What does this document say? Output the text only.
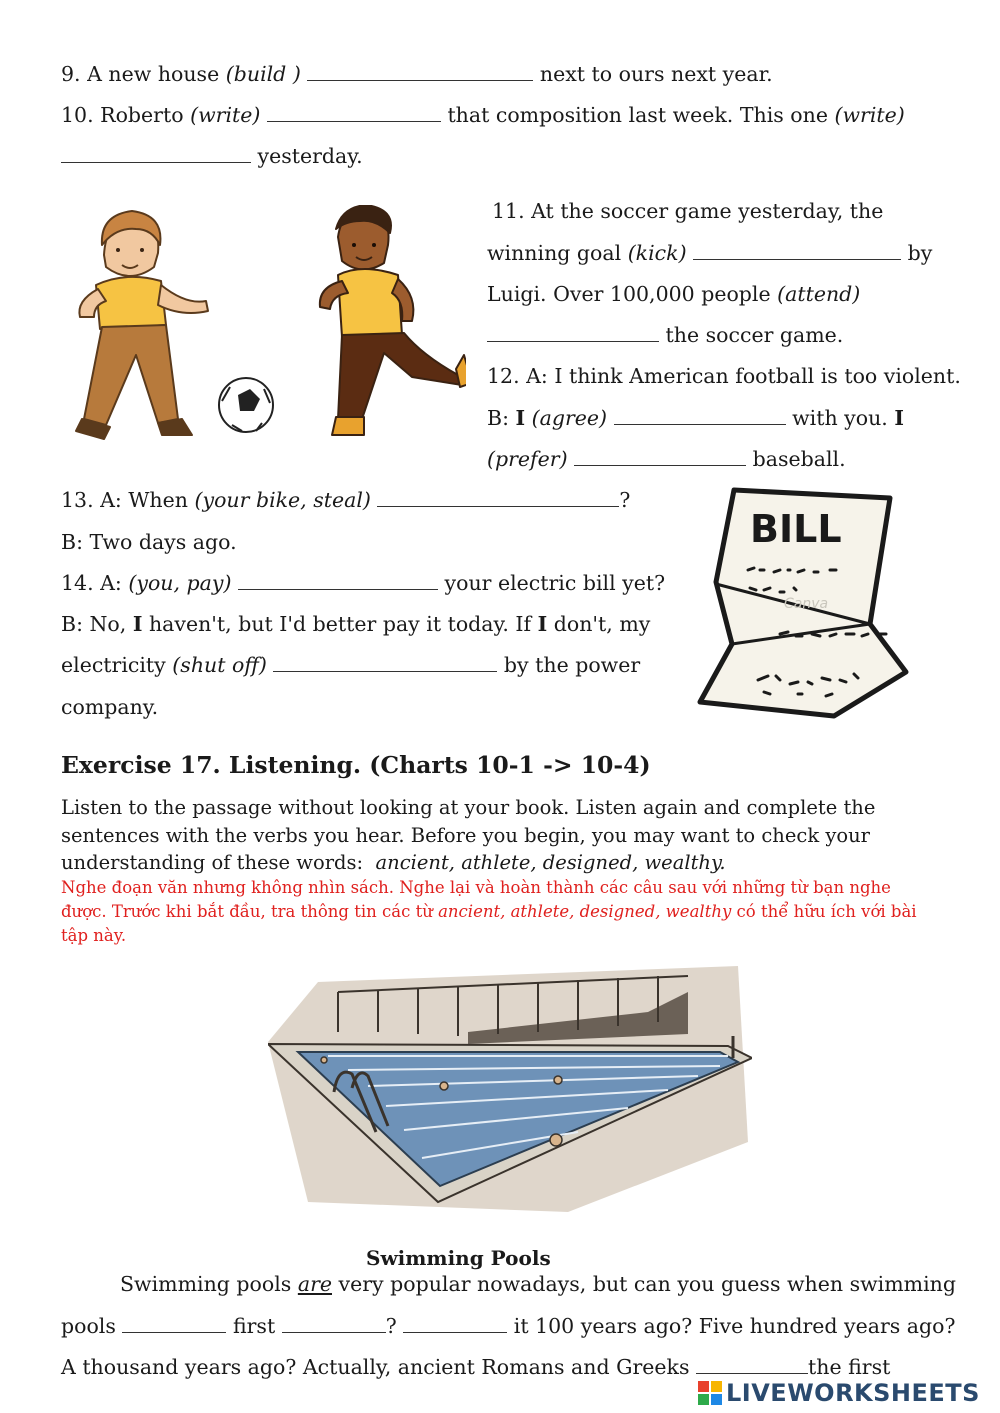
9. A new house (build )	next to ours next year.
10. Roberto (write)	that composition last week. This one (write)
yesterday.
11. At the soccer game yesterday, the
winning goal (kick)	by
Luigi. Over 100,000 people (attend)
the soccer game.
12. A: I think American football is too violent.
B: I (agree)	with you. I
(prefer)	baseball.
13. A: When (your bike, steal)	?
B: Two days ago.
14. A: (you, pay)	your electric bill yet?
B: No, I haven't, but I'd better pay it today. If I don't, my
electricity (shut off)	by the power
company.
BILL
Canva
Exercise 17. Listening. (Charts 10-1 -> 10-4)
Listen to the passage without looking at your book. Listen again and complete the
sentences with the verbs you hear. Before you begin, you may want to check your
understanding of these words: ancient, athlete, designed, wealthy.
Nghe đoạn văn nhưng không nhìn sách. Nghe lại và hoàn thành các câu sau với những từ bạn nghe
được. Trước khi bắt đầu, tra thông tin các từ ancient, athlete, designed, wealthy có thể hữu ích với bài
tập này.
Swimming Pools
Swimming pools are very popular nowadays, but can you guess when swimming
pools	first	?	it 100 years ago? Five hundred years ago?
A thousand years ago? Actually, ancient Romans and Greeks	the first
LIVEWORKSHEETS
